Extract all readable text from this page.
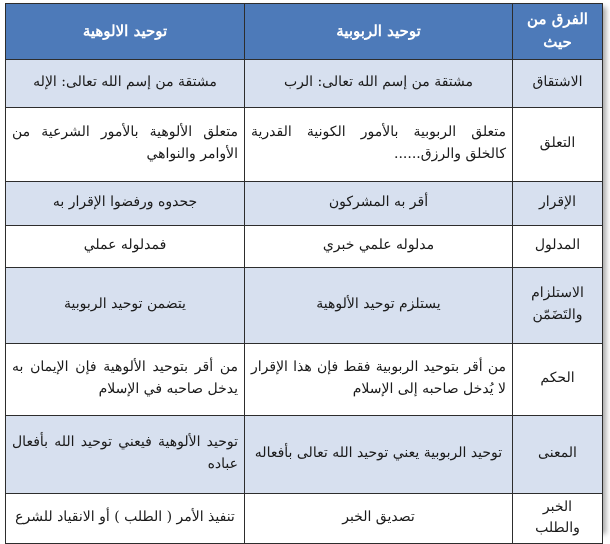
الفرق من حيث	توحيد الربوبية	توحيد الالوهية
الاشتقاق	مشتقة من إسم الله تعالى: الرب	مشتقة من إسم الله تعالى: الإله
التعلق	متعلق الربوبية بالأمور الكونية القدرية كالخلق والرزق......	متعلق الألوهية بالأمور الشرعية من الأوامر والنواهي
الإقرار	أقر به المشركون	جحدوه ورفضوا الإقرار به
المدلول	مدلوله علمي خبري	فمدلوله عملي
الاستلزام والتَضَمّن	يستلزم توحيد الألوهية	يتضمن توحيد الربوبية
الحكم	من أقر بتوحيد الربوبية فقط فإن هذا الإقرار لا يُدخل صاحبه إلى الإسلام	من أقر بتوحيد الألوهية فإن الإيمان به يدخل صاحبه في الإسلام
المعنى	توحيد الربوبية يعني توحيد الله تعالى بأفعاله	توحيد الألوهية فيعني توحيد الله بأفعال عباده
الخبر والطلب	تصديق الخبر	تنفيذ الأمر ( الطلب ) أو الانقياد للشرع
